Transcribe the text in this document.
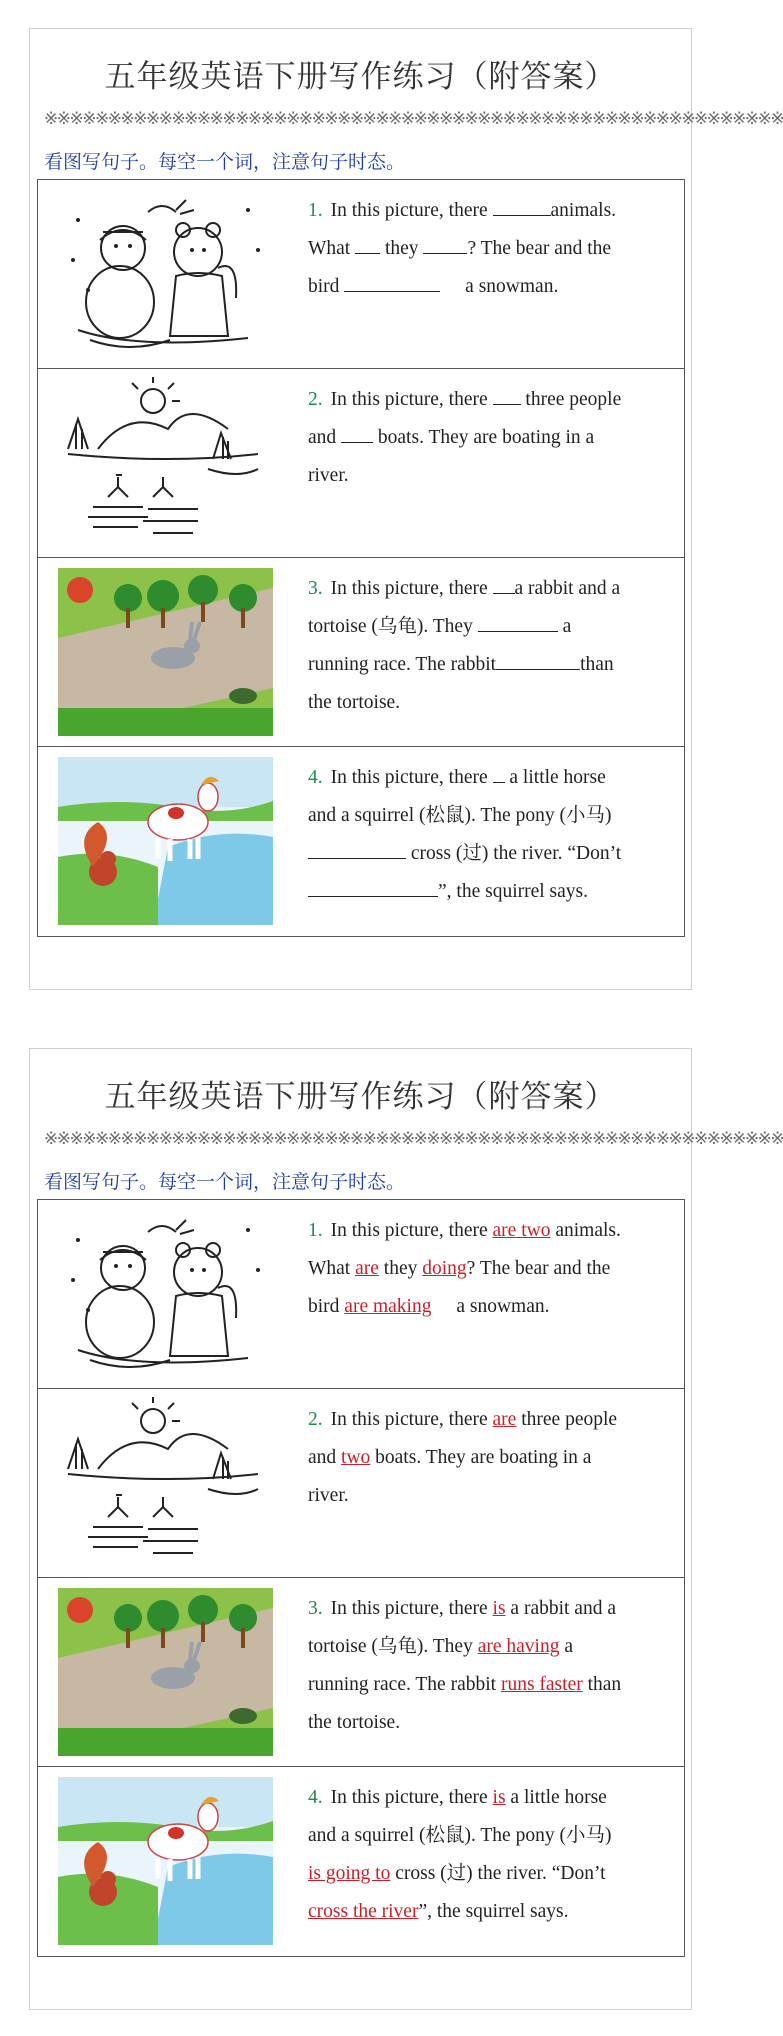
五年级英语下册写作练习（附答案）
※※※※※※※※※※※※※※※※※※※※※※※※※※※※※※※※※※※※※※※※※※※※※※※※※※※※※※※※※※
看图写句子。每空一个词，注意句子时态。
1. In this picture, there	animals.
What  they ? The bear and the
bird	a snowman.
2. In this picture, there  three people
and  boats. They are boating in a
river.
3. In this picture, there a rabbit and a
tortoise (乌龟). They	a
running race. The rabbit	than
the tortoise.
4. In this picture, there  a little horse
and a squirrel (松鼠). The pony (小马)
cross (过) the river. “Don’t
”, the squirrel says.
五年级英语下册写作练习（附答案）
※※※※※※※※※※※※※※※※※※※※※※※※※※※※※※※※※※※※※※※※※※※※※※※※※※※※※※※※※※
看图写句子。每空一个词，注意句子时态。
1. In this picture, there are two animals.
What are they doing? The bear and the
bird are making a snowman.
2. In this picture, there are three people
and two boats. They are boating in a
river.
3. In this picture, there is a rabbit and a
tortoise (乌龟). They are having a
running race. The rabbit runs faster than
the tortoise.
4. In this picture, there is a little horse
and a squirrel (松鼠). The pony (小马)
is going to cross (过) the river. “Don’t
cross the river”, the squirrel says.
